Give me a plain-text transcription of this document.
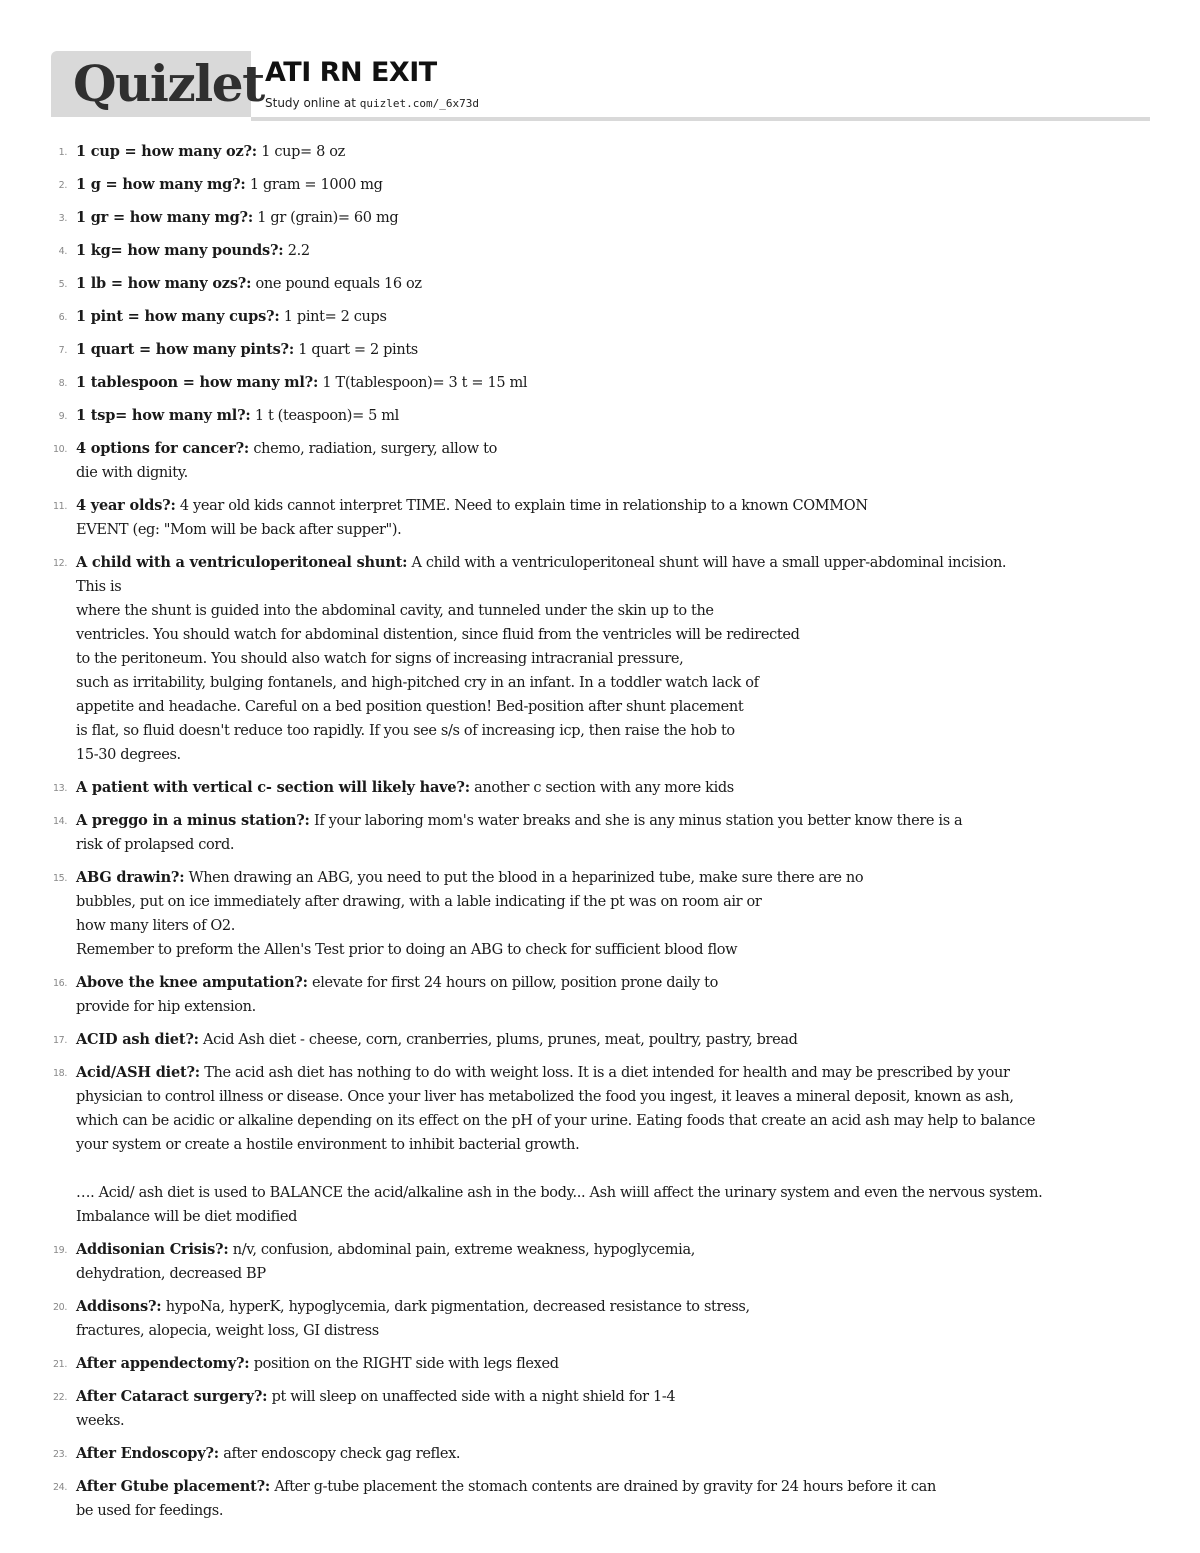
Quizlet ATI RN EXIT
Study online at quizlet.com/_6x73d
1. 1 cup = how many oz?: 1 cup= 8 oz
2. 1 g = how many mg?: 1 gram = 1000 mg
3. 1 gr = how many mg?: 1 gr (grain)= 60 mg
4. 1 kg= how many pounds?: 2.2
5. 1 lb = how many ozs?: one pound equals 16 oz
6. 1 pint = how many cups?: 1 pint= 2 cups
7. 1 quart = how many pints?: 1 quart = 2 pints
8. 1 tablespoon = how many ml?: 1 T(tablespoon)= 3 t = 15 ml
9. 1 tsp= how many ml?: 1 t (teaspoon)= 5 ml
10. 4 options for cancer?: chemo, radiation, surgery, allow to
die with dignity.
11. 4 year olds?: 4 year old kids cannot interpret TIME. Need to explain time in relationship to a known COMMON
EVENT (eg: "Mom will be back after supper").
12. A child with a ventriculoperitoneal shunt: A child with a ventriculoperitoneal shunt will have a small upper-abdominal incision.
This is
where the shunt is guided into the abdominal cavity, and tunneled under the skin up to the
ventricles. You should watch for abdominal distention, since fluid from the ventricles will be redirected
to the peritoneum. You should also watch for signs of increasing intracranial pressure,
such as irritability, bulging fontanels, and high-pitched cry in an infant. In a toddler watch lack of
appetite and headache. Careful on a bed position question! Bed-position after shunt placement
is flat, so fluid doesn't reduce too rapidly. If you see s/s of increasing icp, then raise the hob to
15-30 degrees.
13. A patient with vertical c- section will likely have?: another c section with any more kids
14. A preggo in a minus station?: If your laboring mom's water breaks and she is any minus station you better know there is a
risk of prolapsed cord.
15. ABG drawin?: When drawing an ABG, you need to put the blood in a heparinized tube, make sure there are no
bubbles, put on ice immediately after drawing, with a lable indicating if the pt was on room air or
how many liters of O2.
Remember to preform the Allen's Test prior to doing an ABG to check for sufficient blood flow
16. Above the knee amputation?: elevate for first 24 hours on pillow, position prone daily to
provide for hip extension.
17. ACID ash diet?: Acid Ash diet - cheese, corn, cranberries, plums, prunes, meat, poultry, pastry, bread
18. Acid/ASH diet?: The acid ash diet has nothing to do with weight loss. It is a diet intended for health and may be prescribed by your
physician to control illness or disease. Once your liver has metabolized the food you ingest, it leaves a mineral deposit, known as ash,
which can be acidic or alkaline depending on its effect on the pH of your urine. Eating foods that create an acid ash may help to balance
your system or create a hostile environment to inhibit bacterial growth.
…. Acid/ ash diet is used to BALANCE the acid/alkaline ash in the body... Ash wiill affect the urinary system and even the nervous system.
Imbalance will be diet modified
19. Addisonian Crisis?: n/v, confusion, abdominal pain, extreme weakness, hypoglycemia,
dehydration, decreased BP
20. Addisons?: hypoNa, hyperK, hypoglycemia, dark pigmentation, decreased resistance to stress,
fractures, alopecia, weight loss, GI distress
21. After appendectomy?: position on the RIGHT side with legs flexed
22. After Cataract surgery?: pt will sleep on unaffected side with a night shield for 1-4
weeks.
23. After Endoscopy?: after endoscopy check gag reflex.
24. After Gtube placement?: After g-tube placement the stomach contents are drained by gravity for 24 hours before it can
be used for feedings.
